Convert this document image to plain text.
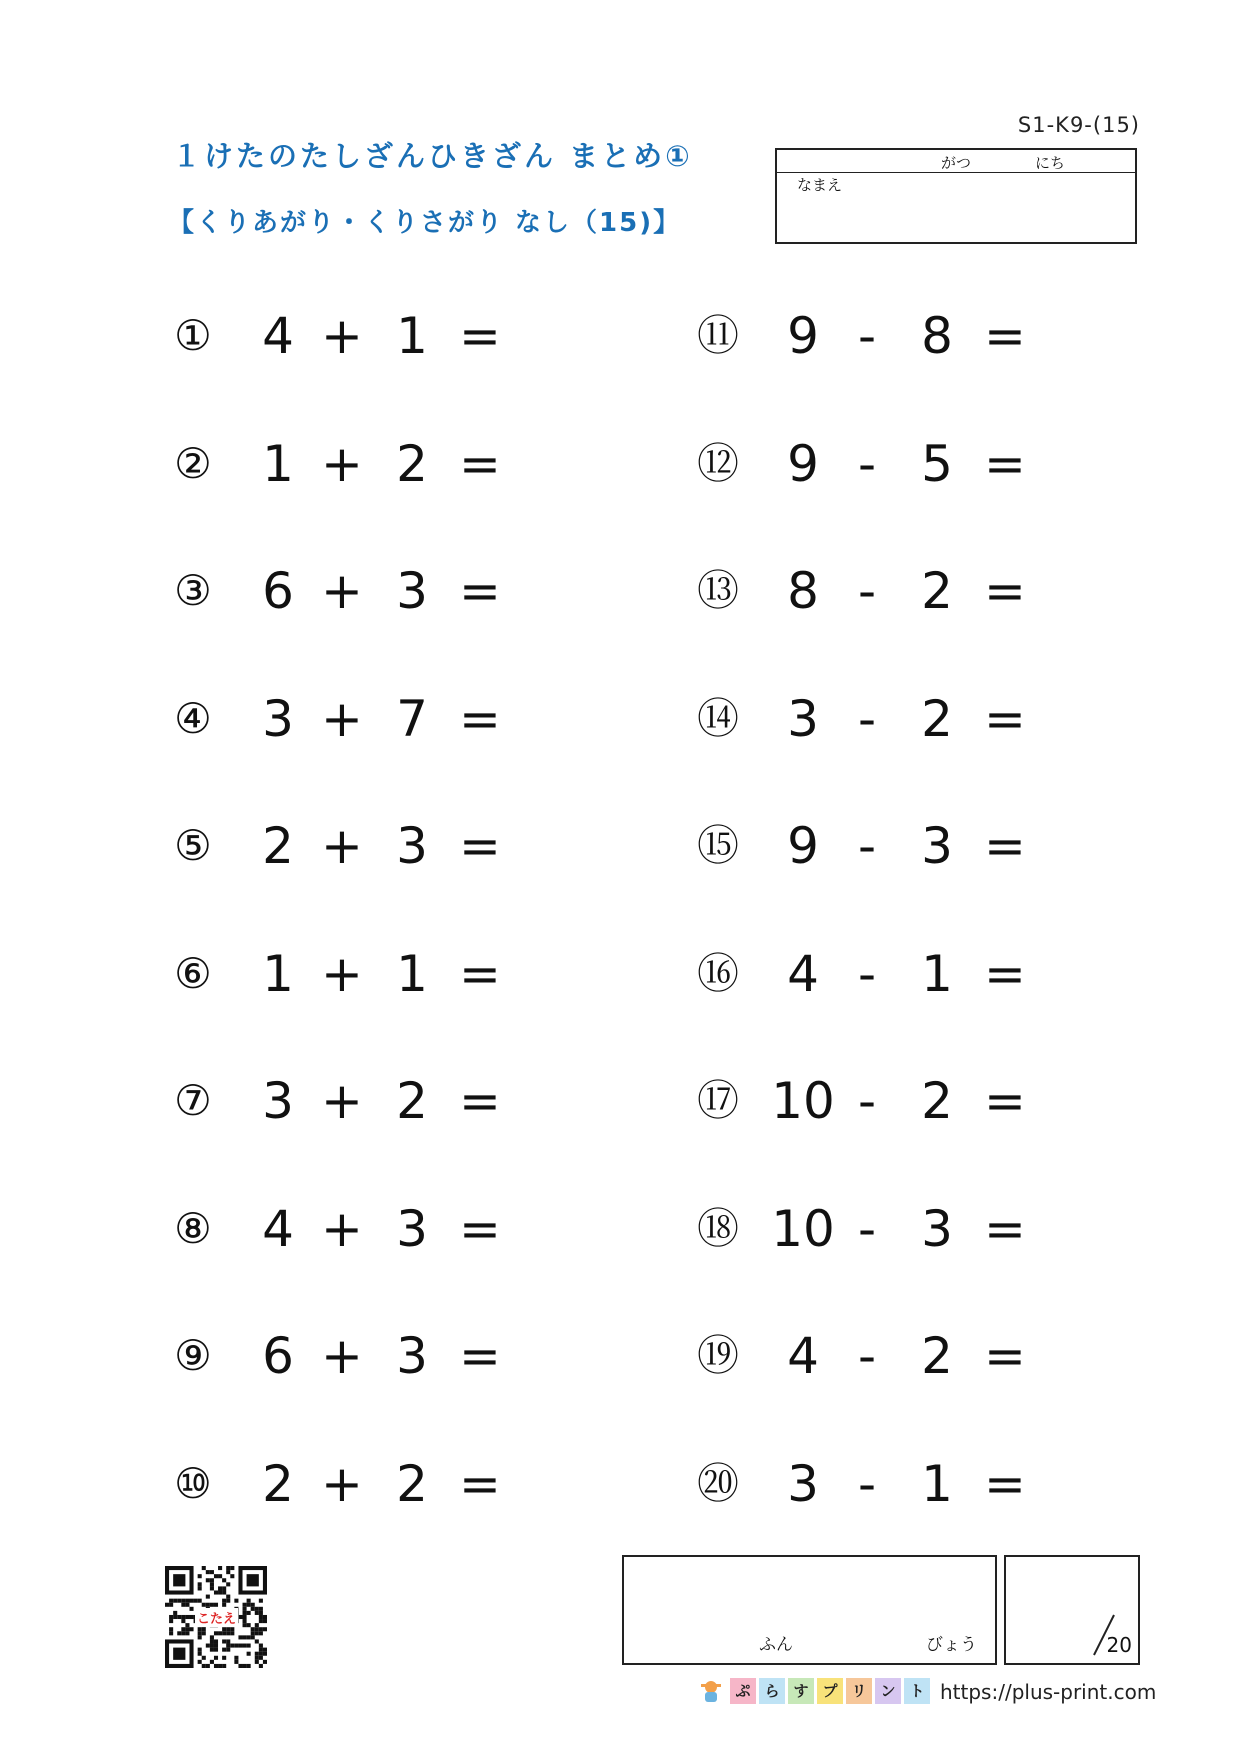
S1-K9-(15)
１けたのたしざんひきざん まとめ①
【くりあがり・くりさがり なし（15)】
がつ	にち
なまえ
①	4 + 1 =
②	1 + 2 =
③	6 + 3 =
④	3 + 7 =
⑤	2 + 3 =
⑥	1 + 1 =
⑦	3 + 2 =
⑧	4 + 3 =
⑨	6 + 3 =
⑩	2 + 2 =
⑪ 9 - 8 =
⑫ 9 - 5 =
⑬ 8 - 2 =
⑭ 3 - 2 =
⑮ 9 - 3 =
⑯ 4 - 1 =
⑰ 10 - 2 =
⑱ 10 - 3 =
⑲ 4 - 2 =
⑳ 3 - 1 =
こたえ
ふん	びょう	20
ぷ ら す プ リ ン ト https://plus-print.com
